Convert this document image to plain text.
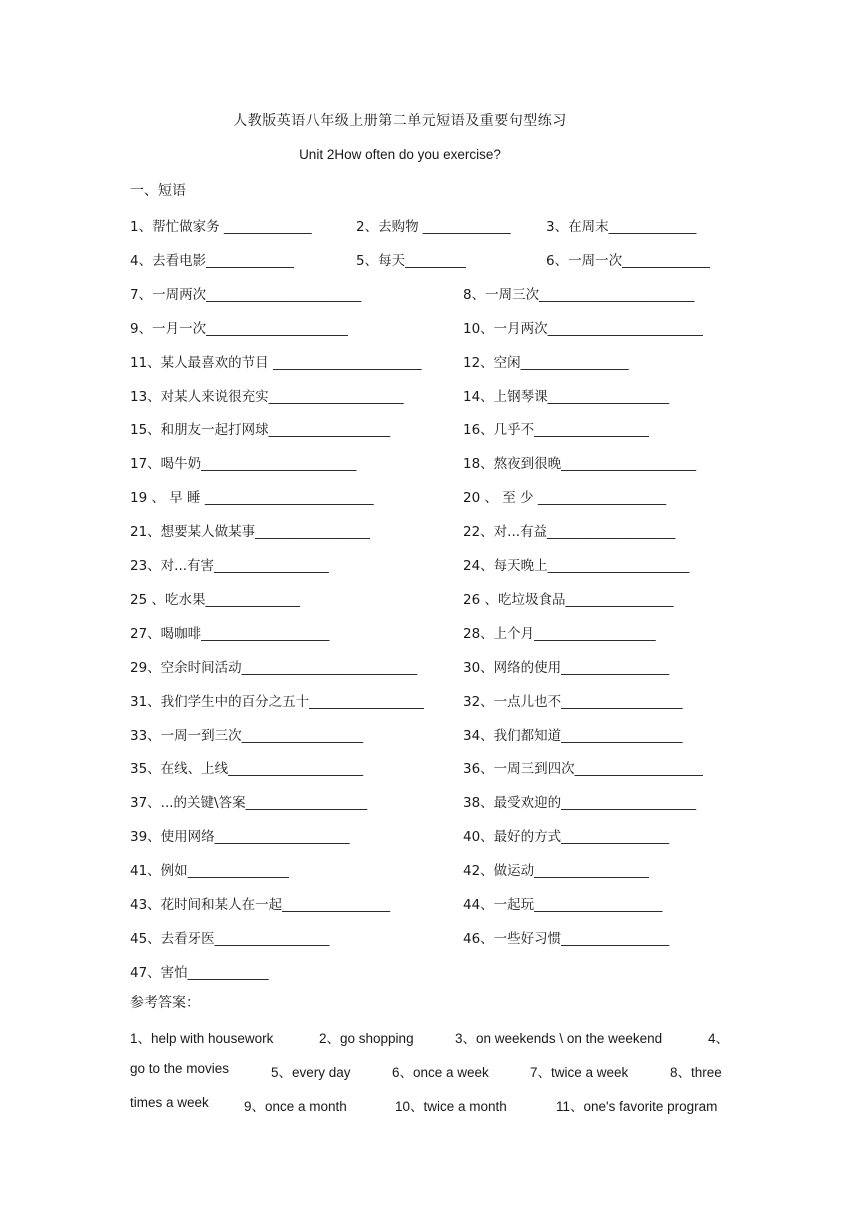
人教版英语八年级上册第二单元短语及重要句型练习
Unit 2How often do you exercise?
一、短语
1、帮忙做家务 _____________	2、去购物 _____________	3、在周末_____________
4、去看电影_____________	5、每天_________	6、一周一次_____________
7、一周两次_______________________	8、一周三次_______________________
9、一月一次_____________________	10、一月两次_______________________
11、某人最喜欢的节目 ______________________	12、空闲________________
13、对某人来说很充实____________________	14、上钢琴课__________________
15、和朋友一起打网球__________________	16、几乎不_________________
17、喝牛奶_______________________	18、熬夜到很晚____________________
19 、 早 睡 _________________________	20 、 至 少 ___________________
21、想要某人做某事_________________	22、对...有益___________________
23、对...有害_________________	24、每天晚上_____________________
25 、吃水果______________	26 、吃垃圾食品________________
27、喝咖啡___________________	28、上个月__________________
29、空余时间活动__________________________	30、网络的使用________________
31、我们学生中的百分之五十_________________	32、一点儿也不__________________
33、一周一到三次__________________	34、我们都知道__________________
35、在线、上线____________________	36、一周三到四次___________________
37、...的关键\答案__________________	38、最受欢迎的____________________
39、使用网络____________________	40、最好的方式________________
41、例如_______________	42、做运动_________________
43、花时间和某人在一起________________	44、一起玩___________________
45、去看牙医_________________	46、一些好习惯________________
47、害怕____________
参考答案：
1、help with housework	2、go shopping	3、on weekends \ on the weekend	4、
go to the movies	5、every day	6、once a week	7、twice a week	8、three
times a week	9、once a month	10、twice a month	11、one's favorite program
